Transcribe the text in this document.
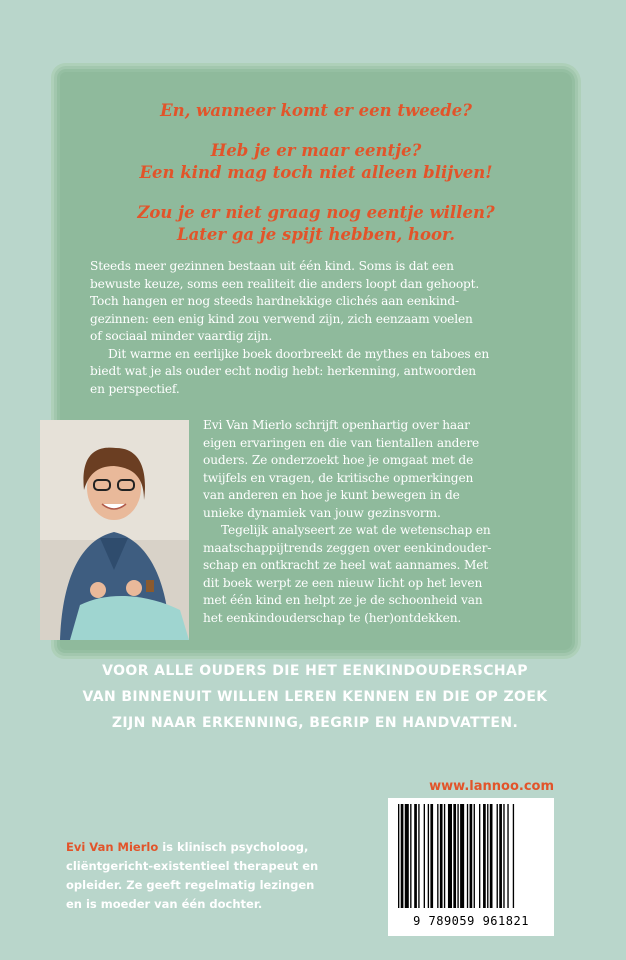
En, wanneer komt er een tweede?

Heb je er maar eentje?
Een kind mag toch niet alleen blijven!

Zou je er niet graag nog eentje willen?
Later ga je spijt hebben, hoor.

Steeds meer gezinnen bestaan uit één kind. Soms is dat een
bewuste keuze, soms een realiteit die anders loopt dan gehoopt.
Toch hangen er nog steeds hardnekkige clichés aan eenkind-
gezinnen: een enig kind zou verwend zijn, zich eenzaam voelen
of sociaal minder vaardig zijn.

Dit warme en eerlijke boek doorbreekt de mythes en taboes en
biedt wat je als ouder echt nodig hebt: herkenning, antwoorden
en perspectief.

Evi Van Mierlo schrijft openhartig over haar
eigen ervaringen en die van tientallen andere
ouders. Ze onderzoekt hoe je omgaat met de
twijfels en vragen, de kritische opmerkingen
van anderen en hoe je kunt bewegen in de
unieke dynamiek van jouw gezinsvorm.

Tegelijk analyseert ze wat de wetenschap en
maatschappijtrends zeggen over eenkindouder-
schap en ontkracht ze heel wat aannames. Met
dit boek werpt ze een nieuw licht op het leven
met één kind en helpt ze je de schoonheid van
het eenkindouderschap te (her)ontdekken.

VOOR ALLE OUDERS DIE HET EENKINDOUDERSCHAP
VAN BINNENUIT WILLEN LEREN KENNEN EN DIE OP ZOEK
ZIJN NAAR ERKENNING, BEGRIP EN HANDVATTEN.
www.lannoo.com
9 789059 961821
Evi Van Mierlo is klinisch psycholoog,
cliëntgericht-existentieel therapeut en
opleider. Ze geeft regelmatig lezingen
en is moeder van één dochter.
